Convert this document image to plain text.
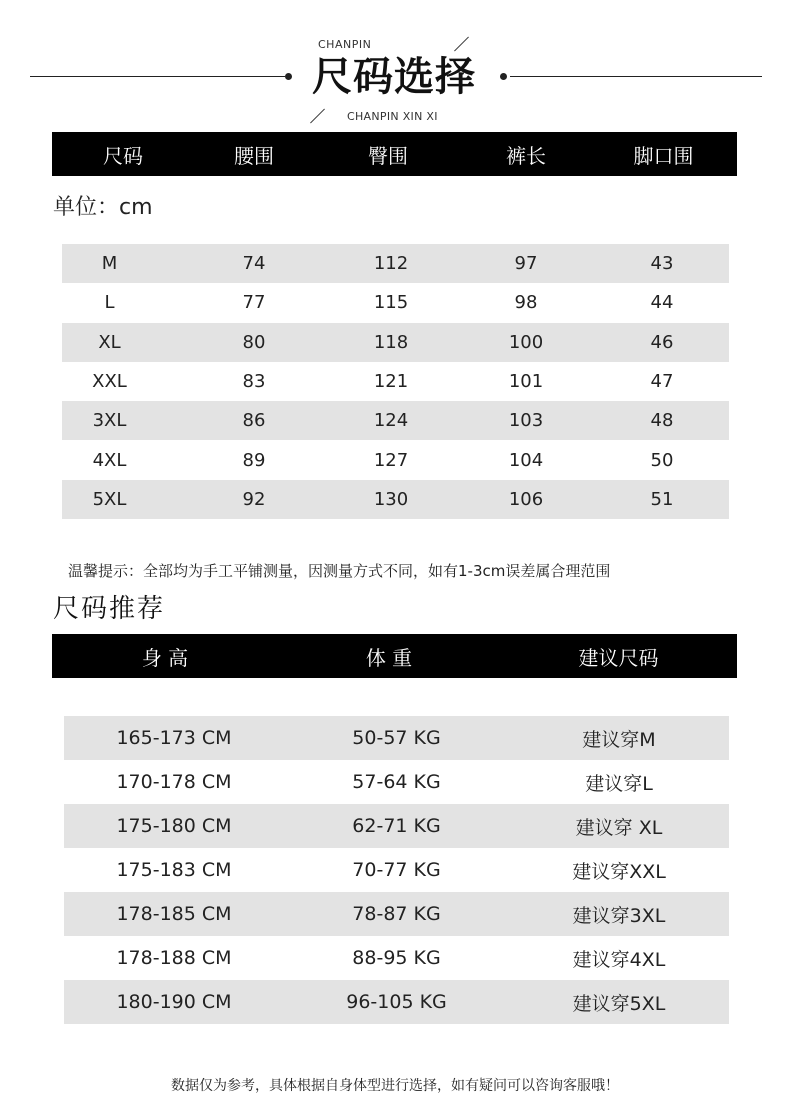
CHANPIN
尺码选择
CHANPIN XIN XI
尺码	腰围	臀围	裤长	脚口围
单位：cm
M	74	112	97	43
L	77	115	98	44
XL	80	118	100	46
XXL	83	121	101	47
3XL	86	124	103	48
4XL	89	127	104	50
5XL	92	130	106	51
温馨提示：全部均为手工平铺测量，因测量方式不同，如有1-3cm误差属合理范围
尺码推荐
身 高	体 重	建议尺码
165-173 CM	50-57 KG	建议穿M
170-178 CM	57-64 KG	建议穿L
175-180 CM	62-71 KG	建议穿 XL
175-183 CM	70-77 KG	建议穿XXL
178-185 CM	78-87 KG	建议穿3XL
178-188 CM	88-95 KG	建议穿4XL
180-190 CM	96-105 KG	建议穿5XL
数据仅为参考，具体根据自身体型进行选择，如有疑问可以咨询客服哦！
